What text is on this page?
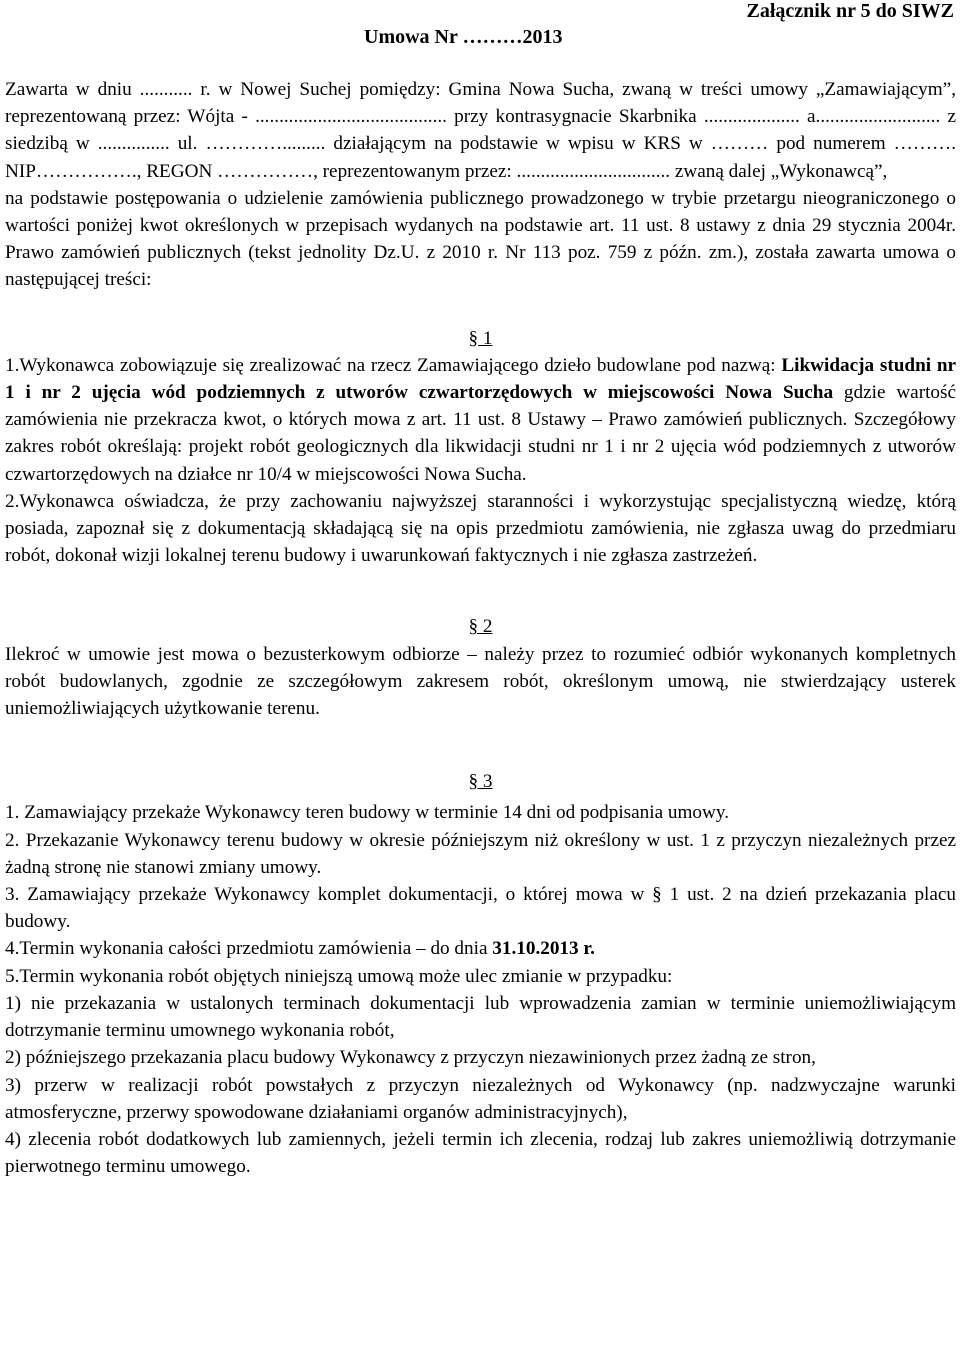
Załącznik nr 5 do SIWZ
Umowa Nr ………2013

Zawarta w dniu ........... r. w Nowej Suchej pomiędzy: Gmina Nowa Sucha, zwaną w treści umowy „Zamawiającym”, reprezentowaną przez: Wójta - ........................................ przy kontrasygnacie Skarbnika .................... a.......................... z siedzibą w ............... ul. …………......... działającym na podstawie w wpisu w KRS w ……… pod numerem ………. NIP……………., REGON ……………, reprezentowanym przez: ................................ zwaną dalej „Wykonawcą”,

na podstawie postępowania o udzielenie zamówienia publicznego prowadzonego w trybie przetargu nieograniczonego o wartości poniżej kwot określonych w przepisach wydanych na podstawie art. 11 ust. 8 ustawy z dnia 29 stycznia 2004r. Prawo zamówień publicznych (tekst jednolity Dz.U. z 2010 r. Nr 113 poz. 759 z późn. zm.), została zawarta umowa o następującej treści:

§ 1

1.Wykonawca zobowiązuje się zrealizować na rzecz Zamawiającego dzieło budowlane pod nazwą: Likwidacja studni nr 1 i nr 2 ujęcia wód podziemnych z utworów czwartorzędowych w miejscowości Nowa Sucha gdzie wartość zamówienia nie przekracza kwot, o których mowa z art. 11 ust. 8 Ustawy – Prawo zamówień publicznych. Szczegółowy zakres robót określają: projekt robót geologicznych dla likwidacji studni nr 1 i nr 2 ujęcia wód podziemnych z utworów czwartorzędowych na działce nr 10/4 w miejscowości Nowa Sucha.

2.Wykonawca oświadcza, że przy zachowaniu najwyższej staranności i wykorzystując specjalistyczną wiedzę, którą posiada, zapoznał się z dokumentacją składającą się na opis przedmiotu zamówienia, nie zgłasza uwag do przedmiaru robót, dokonał wizji lokalnej terenu budowy i uwarunkowań faktycznych i nie zgłasza zastrzeżeń.

§ 2

Ilekroć w umowie jest mowa o bezusterkowym odbiorze – należy przez to rozumieć odbiór wykonanych kompletnych robót budowlanych, zgodnie ze szczegółowym zakresem robót, określonym umową, nie stwierdzający usterek uniemożliwiających użytkowanie terenu.

§ 3

1. Zamawiający przekaże Wykonawcy teren budowy w terminie 14 dni od podpisania umowy.

2. Przekazanie Wykonawcy terenu budowy w okresie późniejszym niż określony w ust. 1 z przyczyn niezależnych przez żadną stronę nie stanowi zmiany umowy.

3. Zamawiający przekaże Wykonawcy komplet dokumentacji, o której mowa w § 1 ust. 2 na dzień przekazania placu budowy.

4.Termin wykonania całości przedmiotu zamówienia – do dnia 31.10.2013 r.

5.Termin wykonania robót objętych niniejszą umową może ulec zmianie w przypadku:

1) nie przekazania w ustalonych terminach dokumentacji lub wprowadzenia zamian w terminie uniemożliwiającym dotrzymanie terminu umownego wykonania robót,

2) późniejszego przekazania placu budowy Wykonawcy z przyczyn niezawinionych przez żadną ze stron,

3) przerw w realizacji robót powstałych z przyczyn niezależnych od Wykonawcy (np. nadzwyczajne warunki atmosferyczne, przerwy spowodowane działaniami organów administracyjnych),

4) zlecenia robót dodatkowych lub zamiennych, jeżeli termin ich zlecenia, rodzaj lub zakres uniemożliwią dotrzymanie pierwotnego terminu umowego.
